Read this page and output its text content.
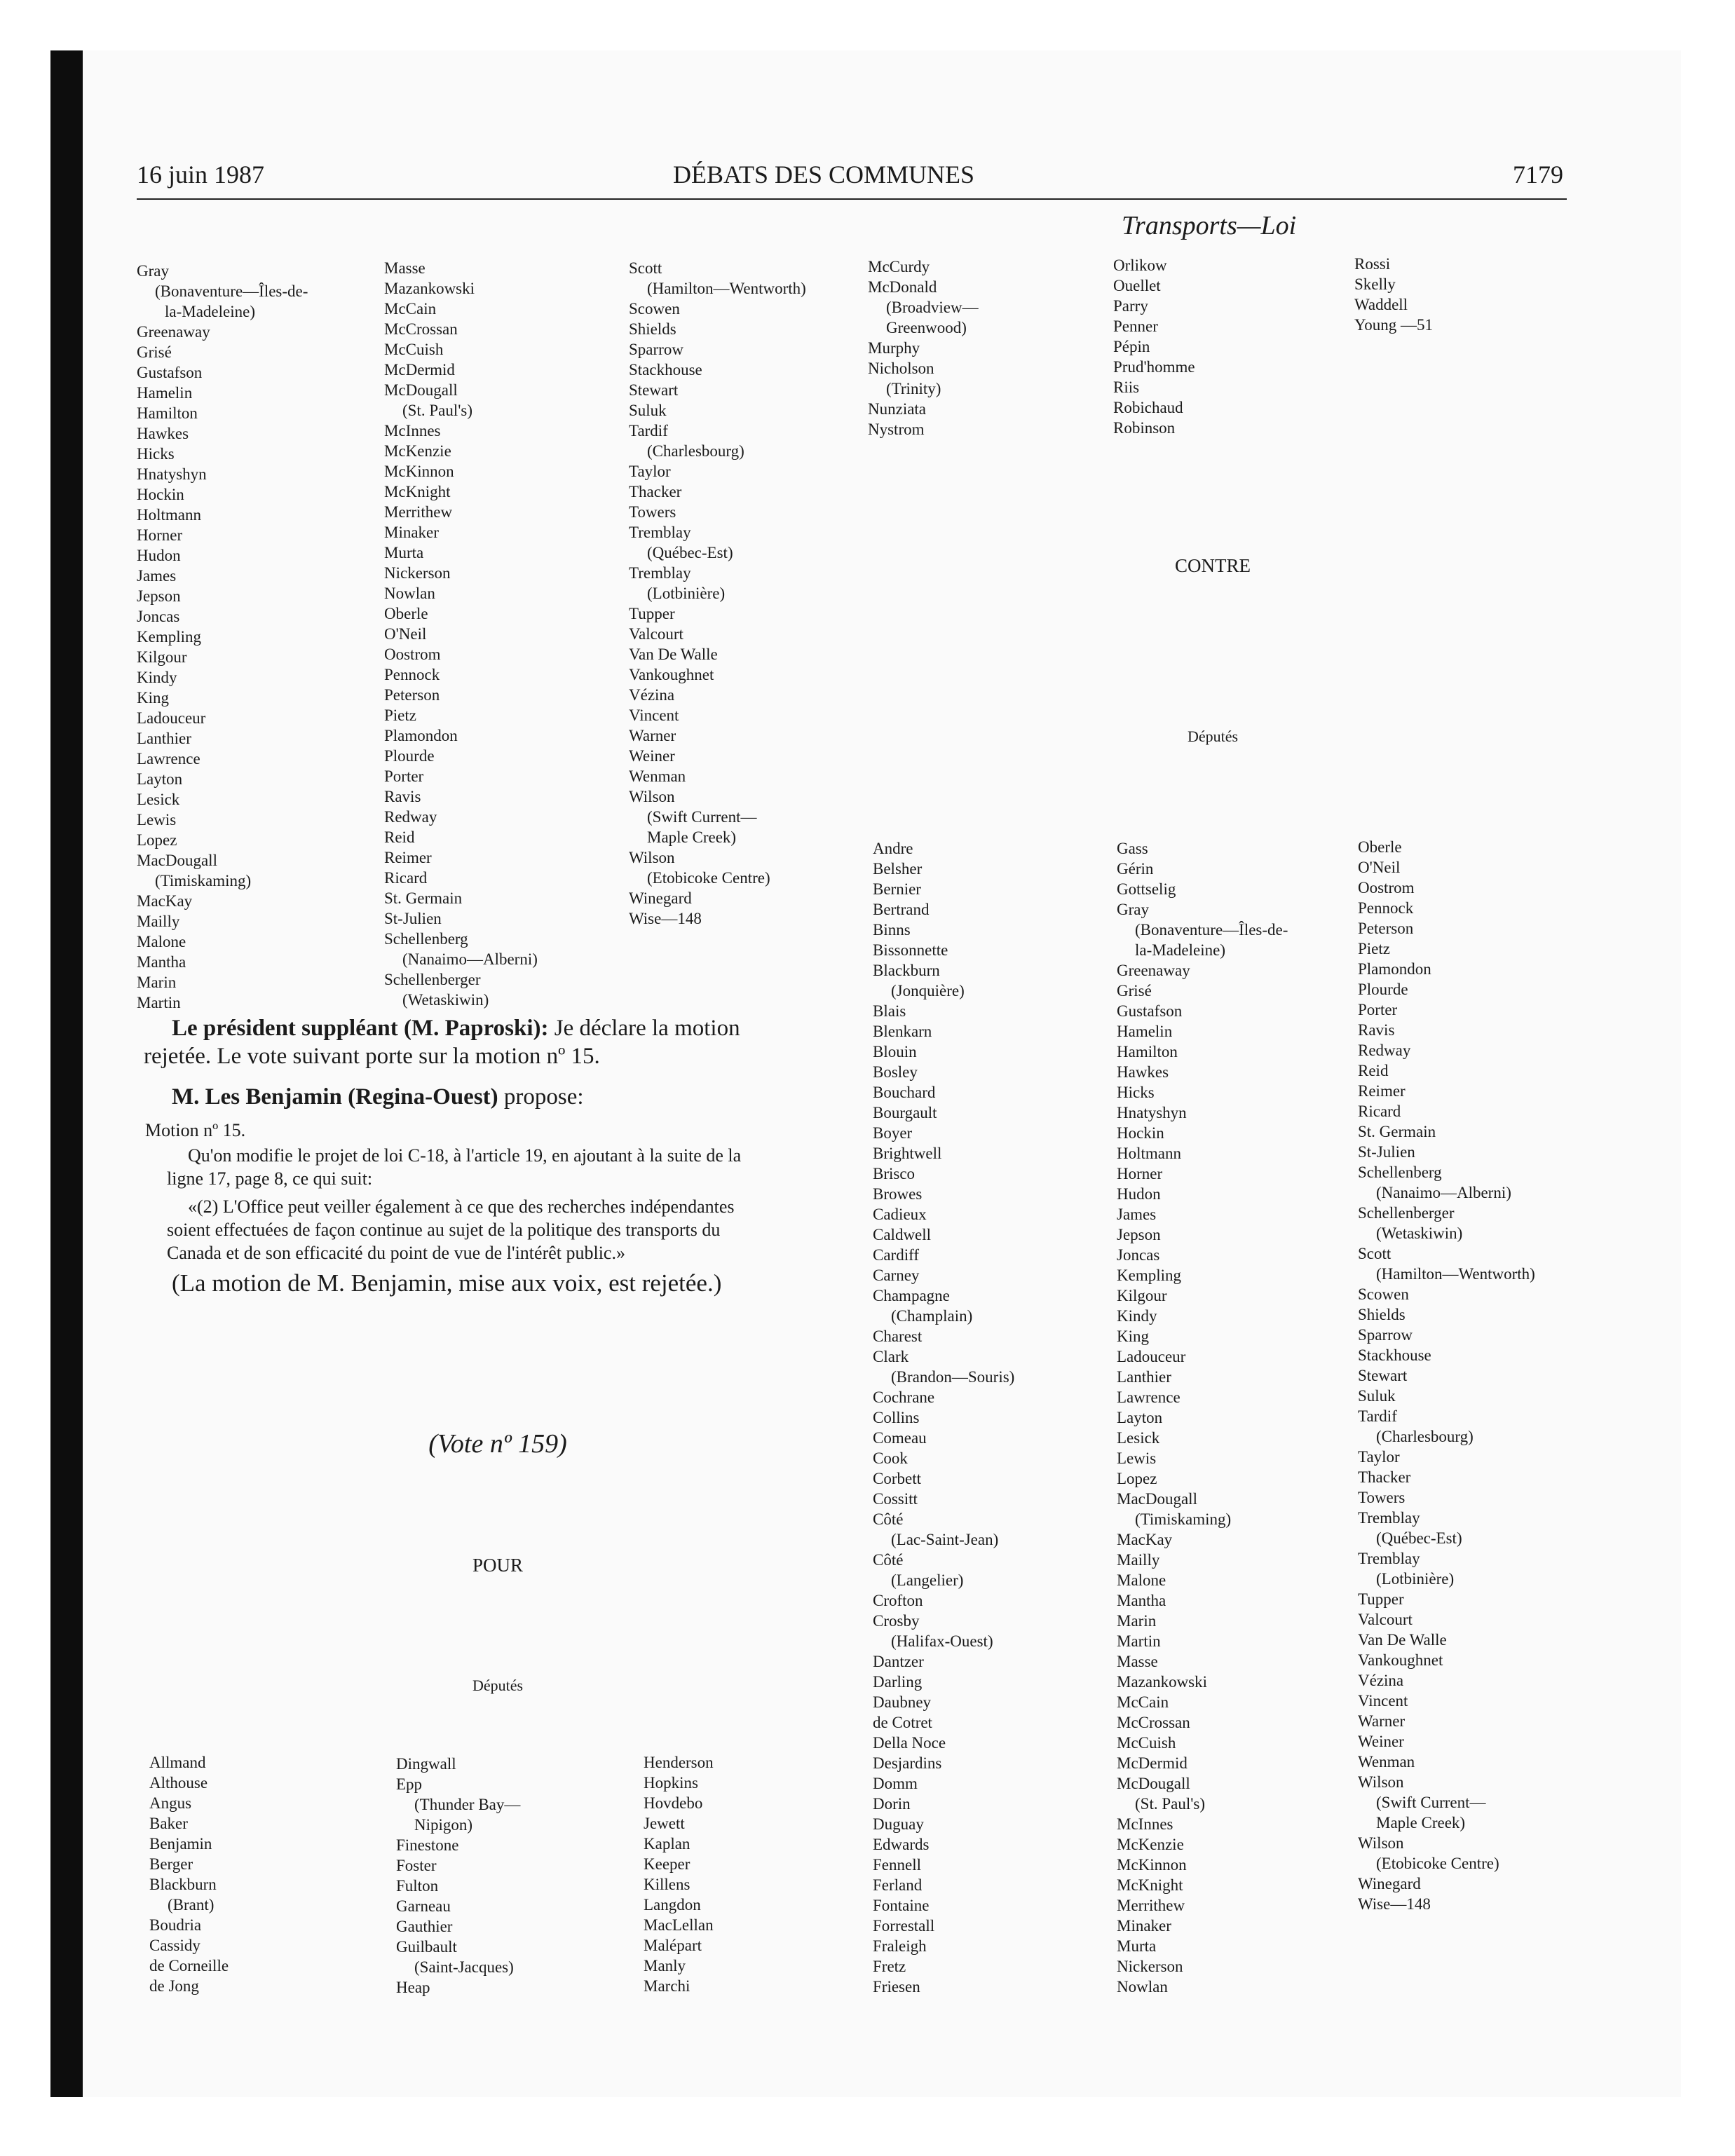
16 juin 1987	DÉBATS DES COMMUNES	7179
Transports—Loi
Gray
(Bonaventure—Îles-de-
la-Madeleine)
Greenaway
Grisé
Gustafson
Hamelin
Hamilton
Hawkes
Hicks
Hnatyshyn
Hockin
Holtmann
Horner
Hudon
James
Jepson
Joncas
Kempling
Kilgour
Kindy
King
Ladouceur
Lanthier
Lawrence
Layton
Lesick
Lewis
Lopez
MacDougall
(Timiskaming)
MacKay
Mailly
Malone
Mantha
Marin
Martin
Masse
Mazankowski
McCain
McCrossan
McCuish
McDermid
McDougall
(St. Paul's)
McInnes
McKenzie
McKinnon
McKnight
Merrithew
Minaker
Murta
Nickerson
Nowlan
Oberle
O'Neil
Oostrom
Pennock
Peterson
Pietz
Plamondon
Plourde
Porter
Ravis
Redway
Reid
Reimer
Ricard
St. Germain
St-Julien
Schellenberg
(Nanaimo—Alberni)
Schellenberger
(Wetaskiwin)
Scott
(Hamilton—Wentworth)
Scowen
Shields
Sparrow
Stackhouse
Stewart
Suluk
Tardif
(Charlesbourg)
Taylor
Thacker
Towers
Tremblay
(Québec-Est)
Tremblay
(Lotbinière)
Tupper
Valcourt
Van De Walle
Vankoughnet
Vézina
Vincent
Warner
Weiner
Wenman
Wilson
(Swift Current—
Maple Creek)
Wilson
(Etobicoke Centre)
Winegard
Wise—148
McCurdy
McDonald
(Broadview—
Greenwood)
Murphy
Nicholson
(Trinity)
Nunziata
Nystrom
Orlikow
Ouellet
Parry
Penner
Pépin
Prud'homme
Riis
Robichaud
Robinson
Rossi
Skelly
Waddell
Young —51
CONTRE
Députés
Andre
Belsher
Bernier
Bertrand
Binns
Bissonnette
Blackburn
(Jonquière)
Blais
Blenkarn
Blouin
Bosley
Bouchard
Bourgault
Boyer
Brightwell
Brisco
Browes
Cadieux
Caldwell
Cardiff
Carney
Champagne
(Champlain)
Charest
Clark
(Brandon—Souris)
Cochrane
Collins
Comeau
Cook
Corbett
Cossitt
Côté
(Lac-Saint-Jean)
Côté
(Langelier)
Crofton
Crosby
(Halifax-Ouest)
Dantzer
Darling
Daubney
de Cotret
Della Noce
Desjardins
Domm
Dorin
Duguay
Edwards
Fennell
Ferland
Fontaine
Forrestall
Fraleigh
Fretz
Friesen
Gass
Gérin
Gottselig
Gray
(Bonaventure—Îles-de-
la-Madeleine)
Greenaway
Grisé
Gustafson
Hamelin
Hamilton
Hawkes
Hicks
Hnatyshyn
Hockin
Holtmann
Horner
Hudon
James
Jepson
Joncas
Kempling
Kilgour
Kindy
King
Ladouceur
Lanthier
Lawrence
Layton
Lesick
Lewis
Lopez
MacDougall
(Timiskaming)
MacKay
Mailly
Malone
Mantha
Marin
Martin
Masse
Mazankowski
McCain
McCrossan
McCuish
McDermid
McDougall
(St. Paul's)
McInnes
McKenzie
McKinnon
McKnight
Merrithew
Minaker
Murta
Nickerson
Nowlan
Oberle
O'Neil
Oostrom
Pennock
Peterson
Pietz
Plamondon
Plourde
Porter
Ravis
Redway
Reid
Reimer
Ricard
St. Germain
St-Julien
Schellenberg
(Nanaimo—Alberni)
Schellenberger
(Wetaskiwin)
Scott
(Hamilton—Wentworth)
Scowen
Shields
Sparrow
Stackhouse
Stewart
Suluk
Tardif
(Charlesbourg)
Taylor
Thacker
Towers
Tremblay
(Québec-Est)
Tremblay
(Lotbinière)
Tupper
Valcourt
Van De Walle
Vankoughnet
Vézina
Vincent
Warner
Weiner
Wenman
Wilson
(Swift Current—
Maple Creek)
Wilson
(Etobicoke Centre)
Winegard
Wise—148
Le président suppléant (M. Paproski): Je déclare la motion
rejetée. Le vote suivant porte sur la motion nº 15.
M. Les Benjamin (Regina-Ouest) propose:
Motion nº 15.
Qu'on modifie le projet de loi C-18, à l'article 19, en ajoutant à la suite de la
ligne 17, page 8, ce qui suit:
«(2) L'Office peut veiller également à ce que des recherches indépendantes
soient effectuées de façon continue au sujet de la politique des transports du
Canada et de son efficacité du point de vue de l'intérêt public.»
(La motion de M. Benjamin, mise aux voix, est rejetée.)
(Vote nº 159)
POUR
Députés
Allmand
Althouse
Angus
Baker
Benjamin
Berger
Blackburn
(Brant)
Boudria
Cassidy
de Corneille
de Jong
Dingwall
Epp
(Thunder Bay—
Nipigon)
Finestone
Foster
Fulton
Garneau
Gauthier
Guilbault
(Saint-Jacques)
Heap
Henderson
Hopkins
Hovdebo
Jewett
Kaplan
Keeper
Killens
Langdon
MacLellan
Malépart
Manly
Marchi
